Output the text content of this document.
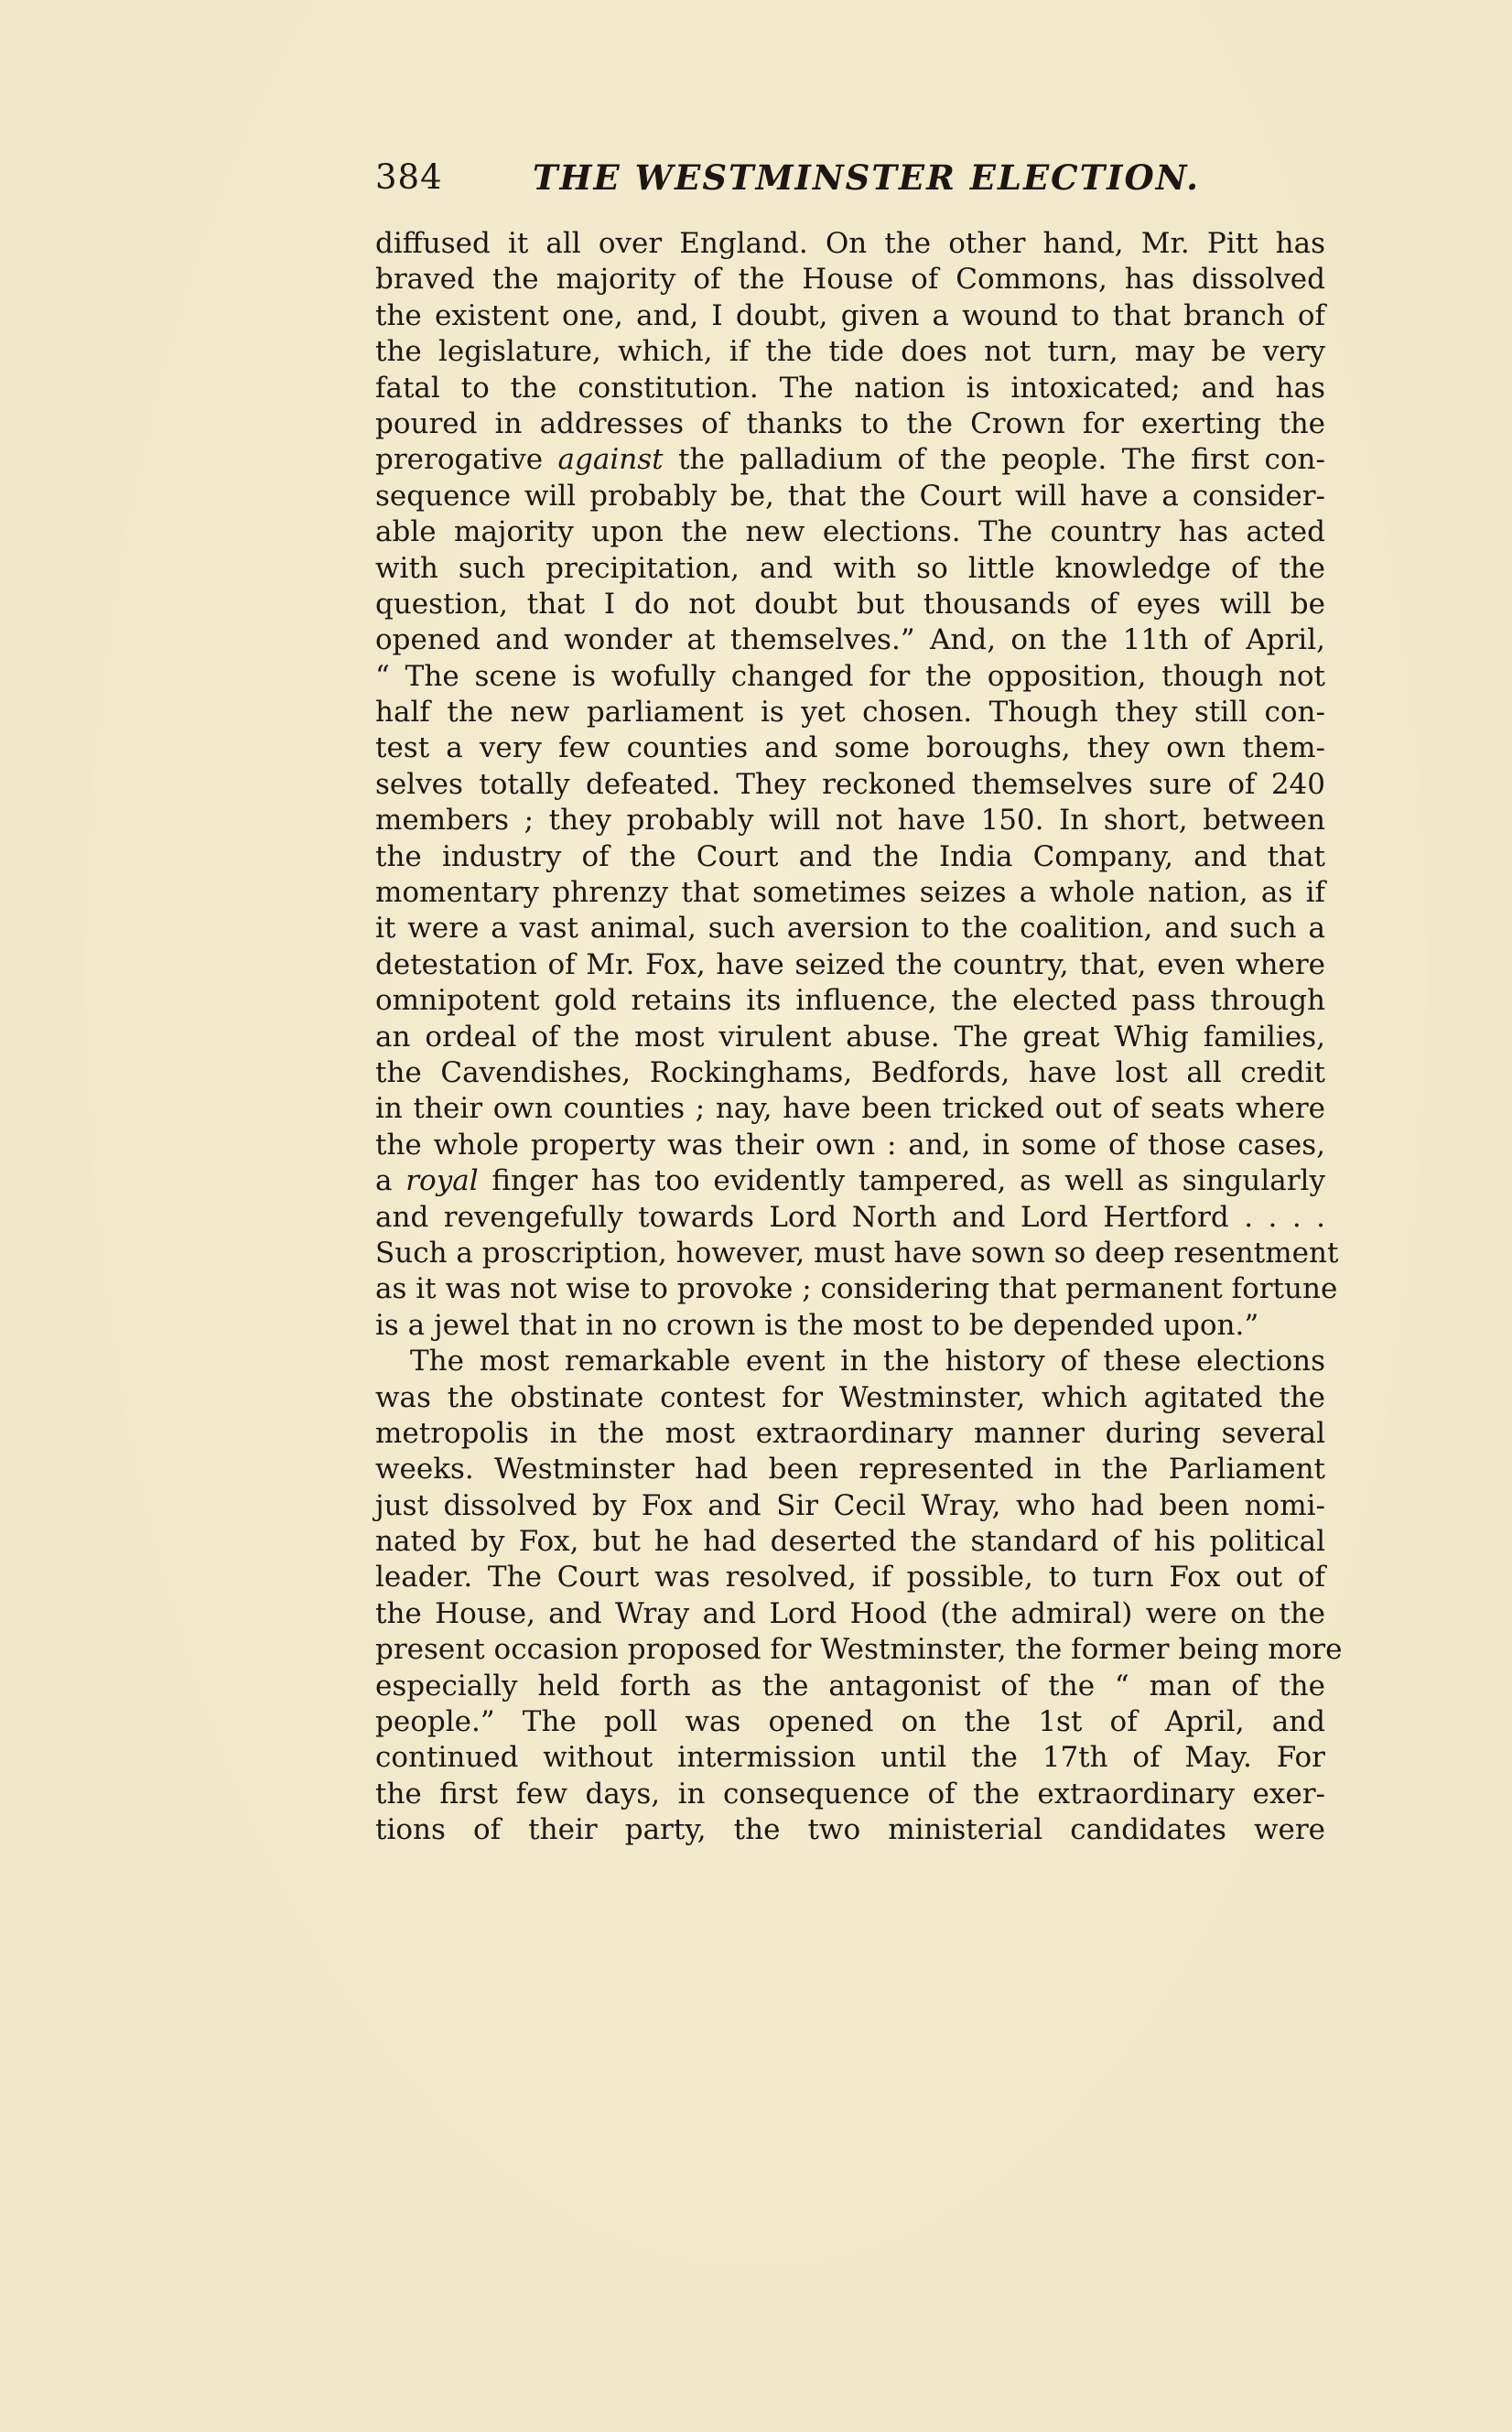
384	THE WESTMINSTER ELECTION.
diffused it all over England. On the other hand, Mr. Pitt has
braved the majority of the House of Commons, has dissolved
the existent one, and, I doubt, given a wound to that branch of
the legislature, which, if the tide does not turn, may be very
fatal to the constitution. The nation is intoxicated; and has
poured in addresses of thanks to the Crown for exerting the
prerogative against the palladium of the people. The first con-
sequence will probably be, that the Court will have a consider-
able majority upon the new elections. The country has acted
with such precipitation, and with so little knowledge of the
question, that I do not doubt but thousands of eyes will be
opened and wonder at themselves.” And, on the 11th of April,
“ The scene is wofully changed for the opposition, though not
half the new parliament is yet chosen. Though they still con-
test a very few counties and some boroughs, they own them-
selves totally defeated. They reckoned themselves sure of 240
members ; they probably will not have 150. In short, between
the industry of the Court and the India Company, and that
momentary phrenzy that sometimes seizes a whole nation, as if
it were a vast animal, such aversion to the coalition, and such a
detestation of Mr. Fox, have seized the country, that, even where
omnipotent gold retains its influence, the elected pass through
an ordeal of the most virulent abuse. The great Whig families,
the Cavendishes, Rockinghams, Bedfords, have lost all credit
in their own counties ; nay, have been tricked out of seats where
the whole property was their own : and, in some of those cases,
a royal finger has too evidently tampered, as well as singularly
and revengefully towards Lord North and Lord Hertford . . . .
Such a proscription, however, must have sown so deep resentment
as it was not wise to provoke ; considering that permanent fortune
is a jewel that in no crown is the most to be depended upon.”
The most remarkable event in the history of these elections
was the obstinate contest for Westminster, which agitated the
metropolis in the most extraordinary manner during several
weeks. Westminster had been represented in the Parliament
just dissolved by Fox and Sir Cecil Wray, who had been nomi-
nated by Fox, but he had deserted the standard of his political
leader. The Court was resolved, if possible, to turn Fox out of
the House, and Wray and Lord Hood (the admiral) were on the
present occasion proposed for Westminster, the former being more
especially held forth as the antagonist of the “ man of the
people.” The poll was opened on the 1st of April, and
continued without intermission until the 17th of May. For
the first few days, in consequence of the extraordinary exer-
tions of their party, the two ministerial candidates were
